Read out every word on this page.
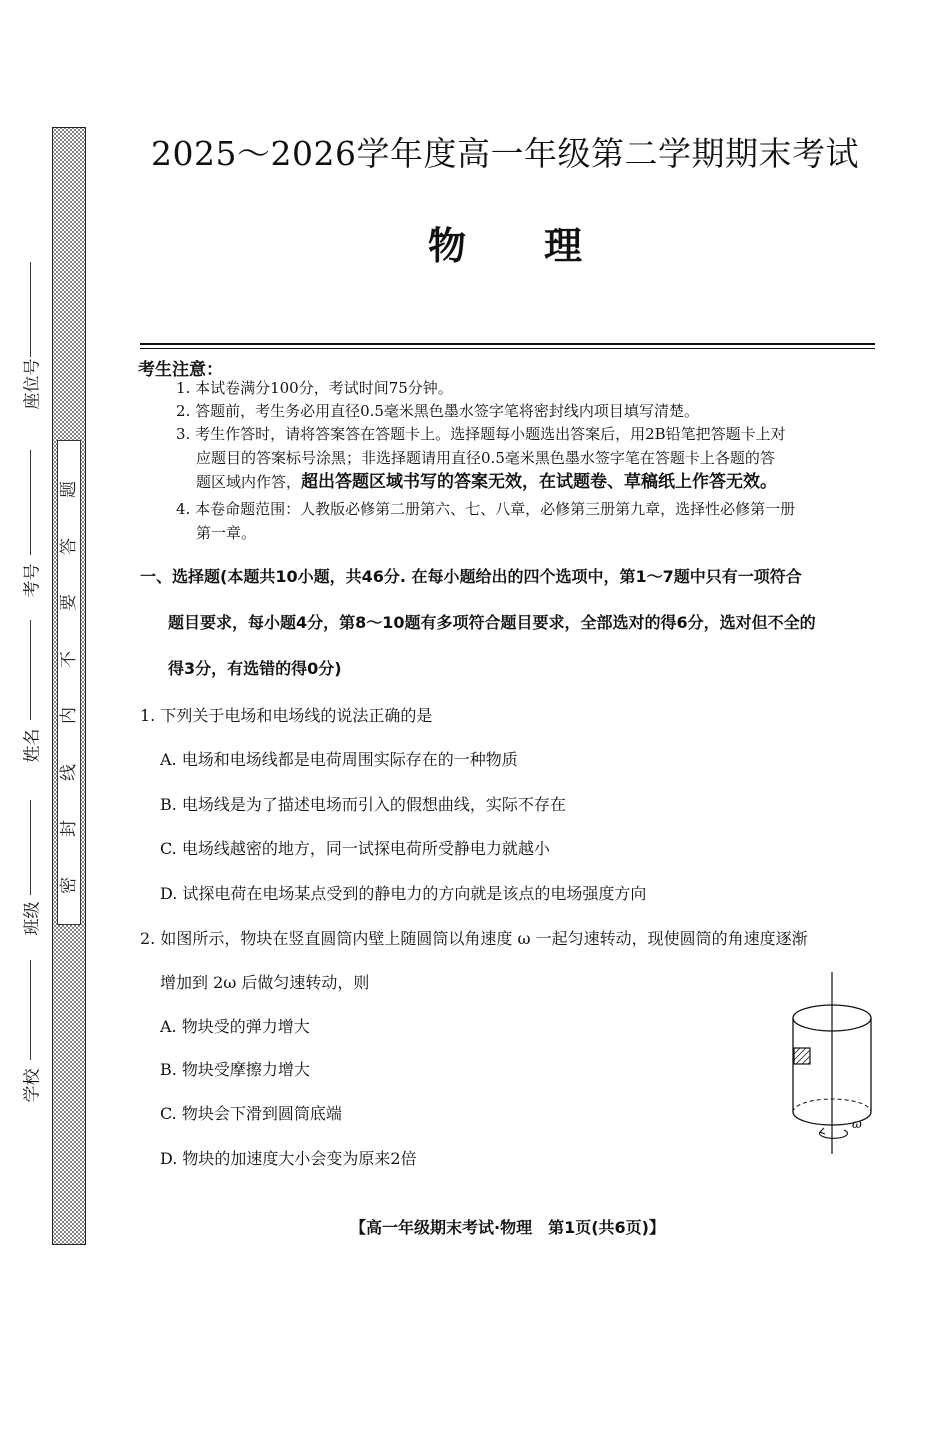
题
答
要
不
内
线
封
密
座位号
考号
姓名
班级
学校
2025～2026学年度高一年级第二学期期末考试
物理
考生注意：
1. 本试卷满分100分，考试时间75分钟。
2. 答题前，考生务必用直径0.5毫米黑色墨水签字笔将密封线内项目填写清楚。
3. 考生作答时，请将答案答在答题卡上。选择题每小题选出答案后，用2B铅笔把答题卡上对
应题目的答案标号涂黑；非选择题请用直径0.5毫米黑色墨水签字笔在答题卡上各题的答
题区域内作答，超出答题区域书写的答案无效，在试题卷、草稿纸上作答无效。
4. 本卷命题范围：人教版必修第二册第六、七、八章，必修第三册第九章，选择性必修第一册
第一章。
一、选择题(本题共10小题，共46分. 在每小题给出的四个选项中，第1～7题中只有一项符合
题目要求，每小题4分，第8～10题有多项符合题目要求，全部选对的得6分，选对但不全的
得3分，有选错的得0分)
1. 下列关于电场和电场线的说法正确的是
A. 电场和电场线都是电荷周围实际存在的一种物质
B. 电场线是为了描述电场而引入的假想曲线，实际不存在
C. 电场线越密的地方，同一试探电荷所受静电力就越小
D. 试探电荷在电场某点受到的静电力的方向就是该点的电场强度方向
2. 如图所示，物块在竖直圆筒内壁上随圆筒以角速度 ω 一起匀速转动，现使圆筒的角速度逐渐
增加到 2ω 后做匀速转动，则
A. 物块受的弹力增大
B. 物块受摩擦力增大
C. 物块会下滑到圆筒底端
D. 物块的加速度大小会变为原来2倍
ω
【高一年级期末考试·物理　第1页(共6页)】
